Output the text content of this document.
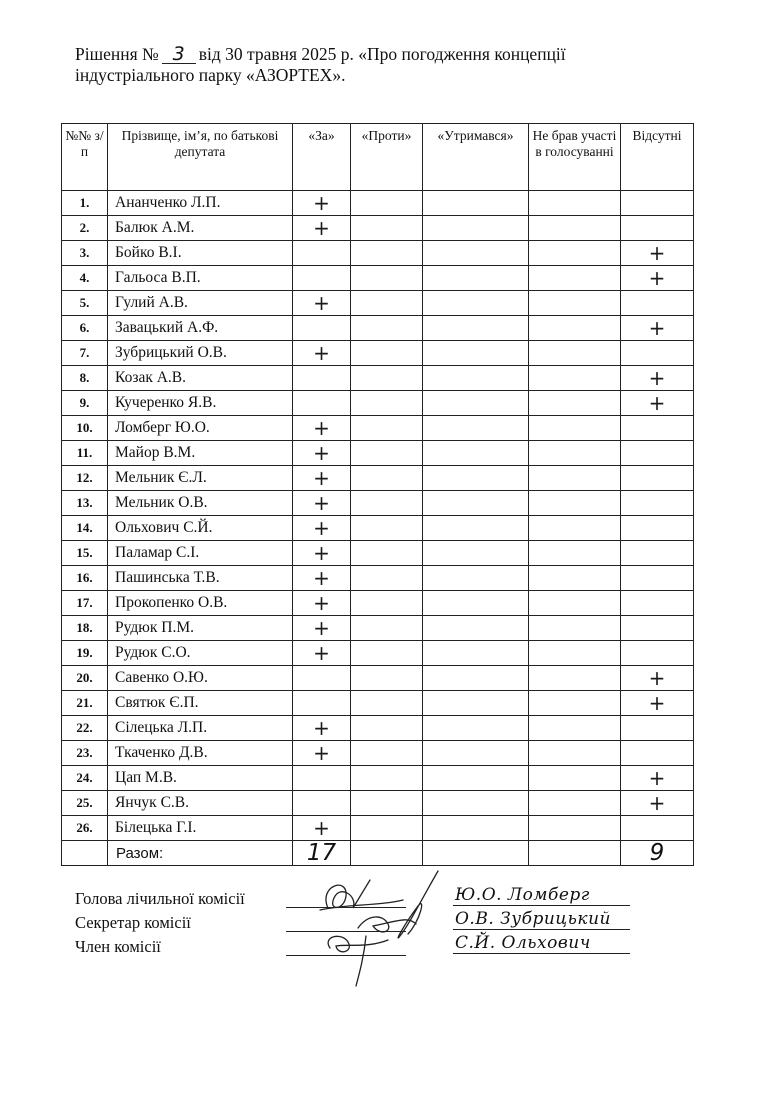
Рішення № 3 від 30 травня 2025 р. «Про погодження концепції
індустріального парку «АЗОРТЕХ».
№№ з/п	Прізвище, ім’я, по батькові депутата	«За»	«Проти»	«Утримався»	Не брав участі в голосуванні	Відсутні
1.	Ананченко Л.П.	+				
2.	Балюк А.М.	+				
3.	Бойко В.І.					+
4.	Гальоса В.П.					+
5.	Гулий А.В.	+				
6.	Завацький А.Ф.					+
7.	Зубрицький О.В.	+				
8.	Козак А.В.					+
9.	Кучеренко Я.В.					+
10.	Ломберг Ю.О.	+				
11.	Майор В.М.	+				
12.	Мельник Є.Л.	+				
13.	Мельник О.В.	+				
14.	Ольхович С.Й.	+				
15.	Паламар С.І.	+				
16.	Пашинська Т.В.	+				
17.	Прокопенко О.В.	+				
18.	Рудюк П.М.	+				
19.	Рудюк С.О.	+				
20.	Савенко О.Ю.					+
21.	Святюк Є.П.					+
22.	Сілецька Л.П.	+				
23.	Ткаченко Д.В.	+				
24.	Цап М.В.					+
25.	Янчук С.В.					+
26.	Білецька Г.І.	+				
	Разом:	17				9
Голова лічильної комісії	Ю.О. Ломберг
Секретар комісії	О.В. Зубрицький
Член комісії	С.Й. Ольхович
